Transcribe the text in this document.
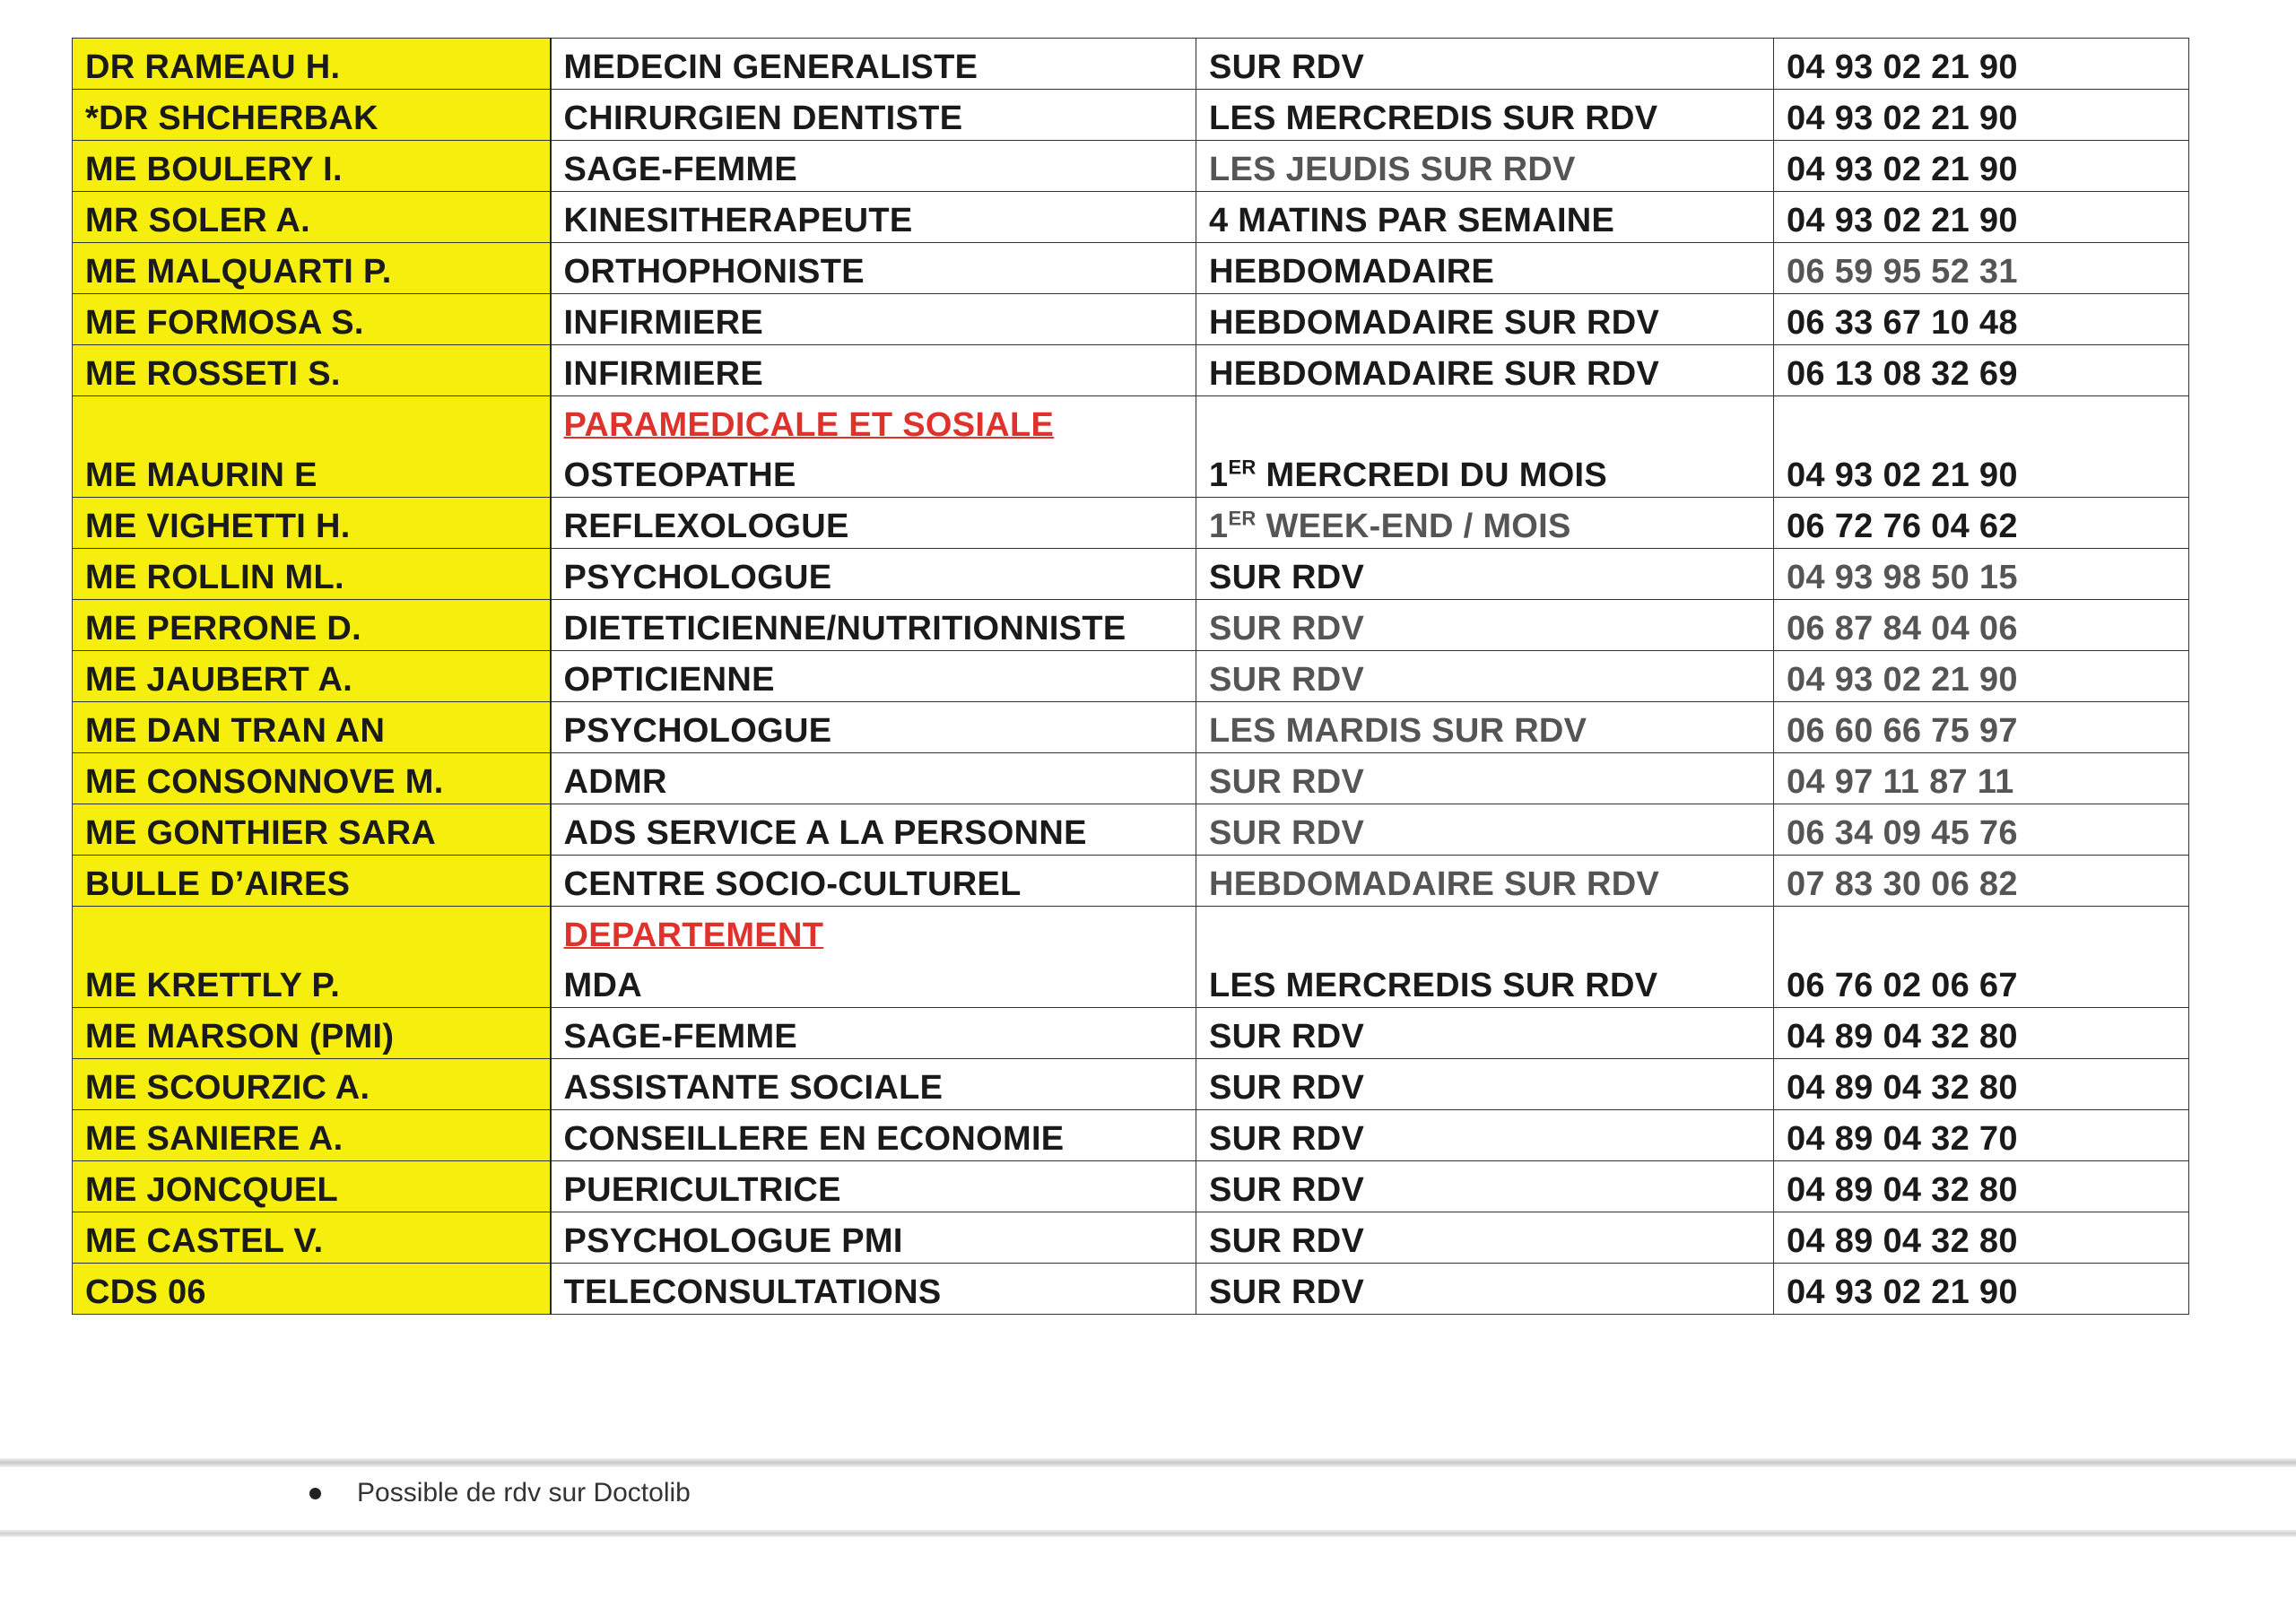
DR RAMEAU H.	MEDECIN GENERALISTE	SUR RDV	04 93 02 21 90
*DR SHCHERBAK	CHIRURGIEN DENTISTE	LES MERCREDIS SUR RDV	04 93 02 21 90
ME BOULERY I.	SAGE-FEMME	LES JEUDIS SUR RDV	04 93 02 21 90
MR SOLER A.	KINESITHERAPEUTE	4 MATINS PAR SEMAINE	04 93 02 21 90
ME MALQUARTI P.	ORTHOPHONISTE	HEBDOMADAIRE	06 59 95 52 31
ME FORMOSA S.	INFIRMIERE	HEBDOMADAIRE SUR RDV	06 33 67 10 48
ME ROSSETI S.	INFIRMIERE	HEBDOMADAIRE SUR RDV	06 13 08 32 69
	PARAMEDICALE ET SOSIALE		
ME MAURIN E	OSTEOPATHE	1ER MERCREDI DU MOIS	04 93 02 21 90
ME VIGHETTI H.	REFLEXOLOGUE	1ER WEEK-END / MOIS	06 72 76 04 62
ME ROLLIN ML.	PSYCHOLOGUE	SUR RDV	04 93 98 50 15
ME PERRONE D.	DIETETICIENNE/NUTRITIONNISTE	SUR RDV	06 87 84 04 06
ME JAUBERT A.	OPTICIENNE	SUR RDV	04 93 02 21 90
ME DAN TRAN AN	PSYCHOLOGUE	LES MARDIS SUR RDV	06 60 66 75 97
ME CONSONNOVE M.	ADMR	SUR RDV	04 97 11 87 11
ME GONTHIER SARA	ADS SERVICE A LA PERSONNE	SUR RDV	06 34 09 45 76
BULLE D’AIRES	CENTRE SOCIO-CULTUREL	HEBDOMADAIRE SUR RDV	07 83 30 06 82
	DEPARTEMENT		
ME KRETTLY P.	MDA	LES MERCREDIS SUR RDV	06 76 02 06 67
ME MARSON (PMI)	SAGE-FEMME	SUR RDV	04 89 04 32 80
ME SCOURZIC A.	ASSISTANTE SOCIALE	SUR RDV	04 89 04 32 80
ME SANIERE A.	CONSEILLERE EN ECONOMIE	SUR RDV	04 89 04 32 70
ME JONCQUEL	PUERICULTRICE	SUR RDV	04 89 04 32 80
ME CASTEL V.	PSYCHOLOGUE PMI	SUR RDV	04 89 04 32 80
CDS 06	TELECONSULTATIONS	SUR RDV	04 93 02 21 90
Possible de rdv sur Doctolib
